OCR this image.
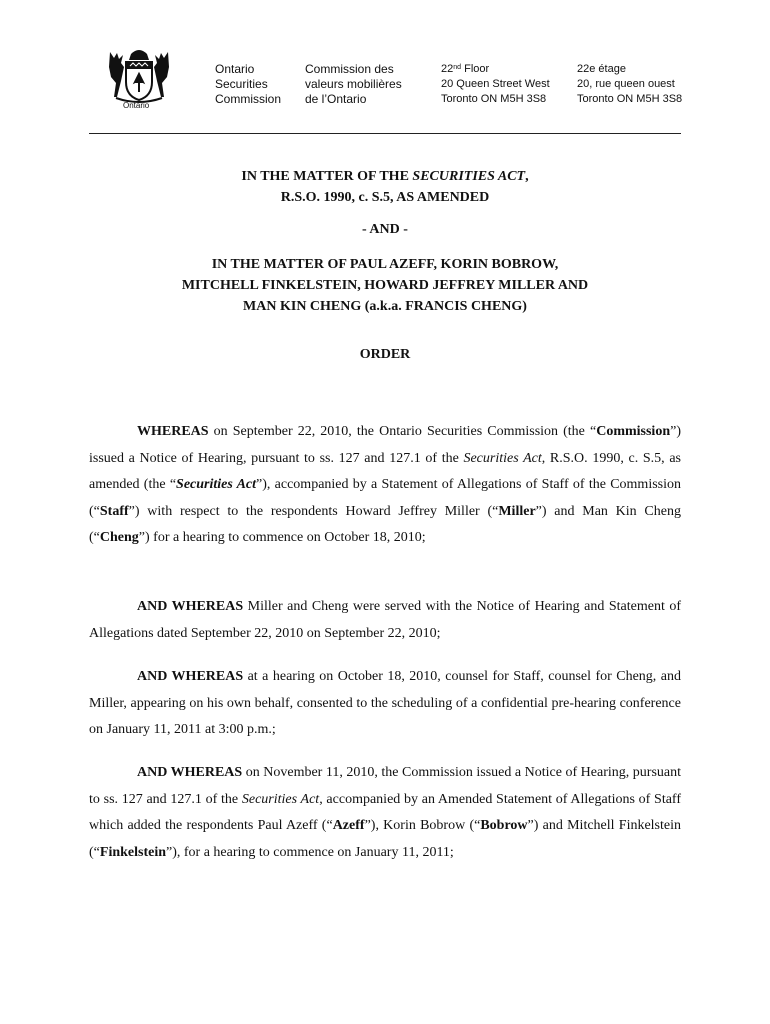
Ontario
Ontario
Securities
Commission
Commission des
valeurs mobilières
de l’Ontario
22nd Floor
20 Queen Street West
Toronto ON M5H 3S8
22e étage
20, rue queen ouest
Toronto ON M5H 3S8
IN THE MATTER OF THE SECURITIES ACT,
R.S.O. 1990, c. S.5, AS AMENDED
- AND -
IN THE MATTER OF PAUL AZEFF, KORIN BOBROW,
MITCHELL FINKELSTEIN, HOWARD JEFFREY MILLER AND
MAN KIN CHENG (a.k.a. FRANCIS CHENG)
ORDER
WHEREAS on September 22, 2010, the Ontario Securities Commission (the “Commission”) issued a Notice of Hearing, pursuant to ss. 127 and 127.1 of the Securities Act, R.S.O. 1990, c. S.5, as amended (the “Securities Act”), accompanied by a Statement of Allegations of Staff of the Commission (“Staff”) with respect to the respondents Howard Jeffrey Miller (“Miller”) and Man Kin Cheng (“Cheng”) for a hearing to commence on October 18, 2010;
AND WHEREAS Miller and Cheng were served with the Notice of Hearing and Statement of Allegations dated September 22, 2010 on September 22, 2010;
AND WHEREAS at a hearing on October 18, 2010, counsel for Staff, counsel for Cheng, and Miller, appearing on his own behalf, consented to the scheduling of a confidential pre-hearing conference on January 11, 2011 at 3:00 p.m.;
AND WHEREAS on November 11, 2010, the Commission issued a Notice of Hearing, pursuant to ss. 127 and 127.1 of the Securities Act, accompanied by an Amended Statement of Allegations of Staff which added the respondents Paul Azeff (“Azeff”), Korin Bobrow (“Bobrow”) and Mitchell Finkelstein (“Finkelstein”), for a hearing to commence on January 11, 2011;
